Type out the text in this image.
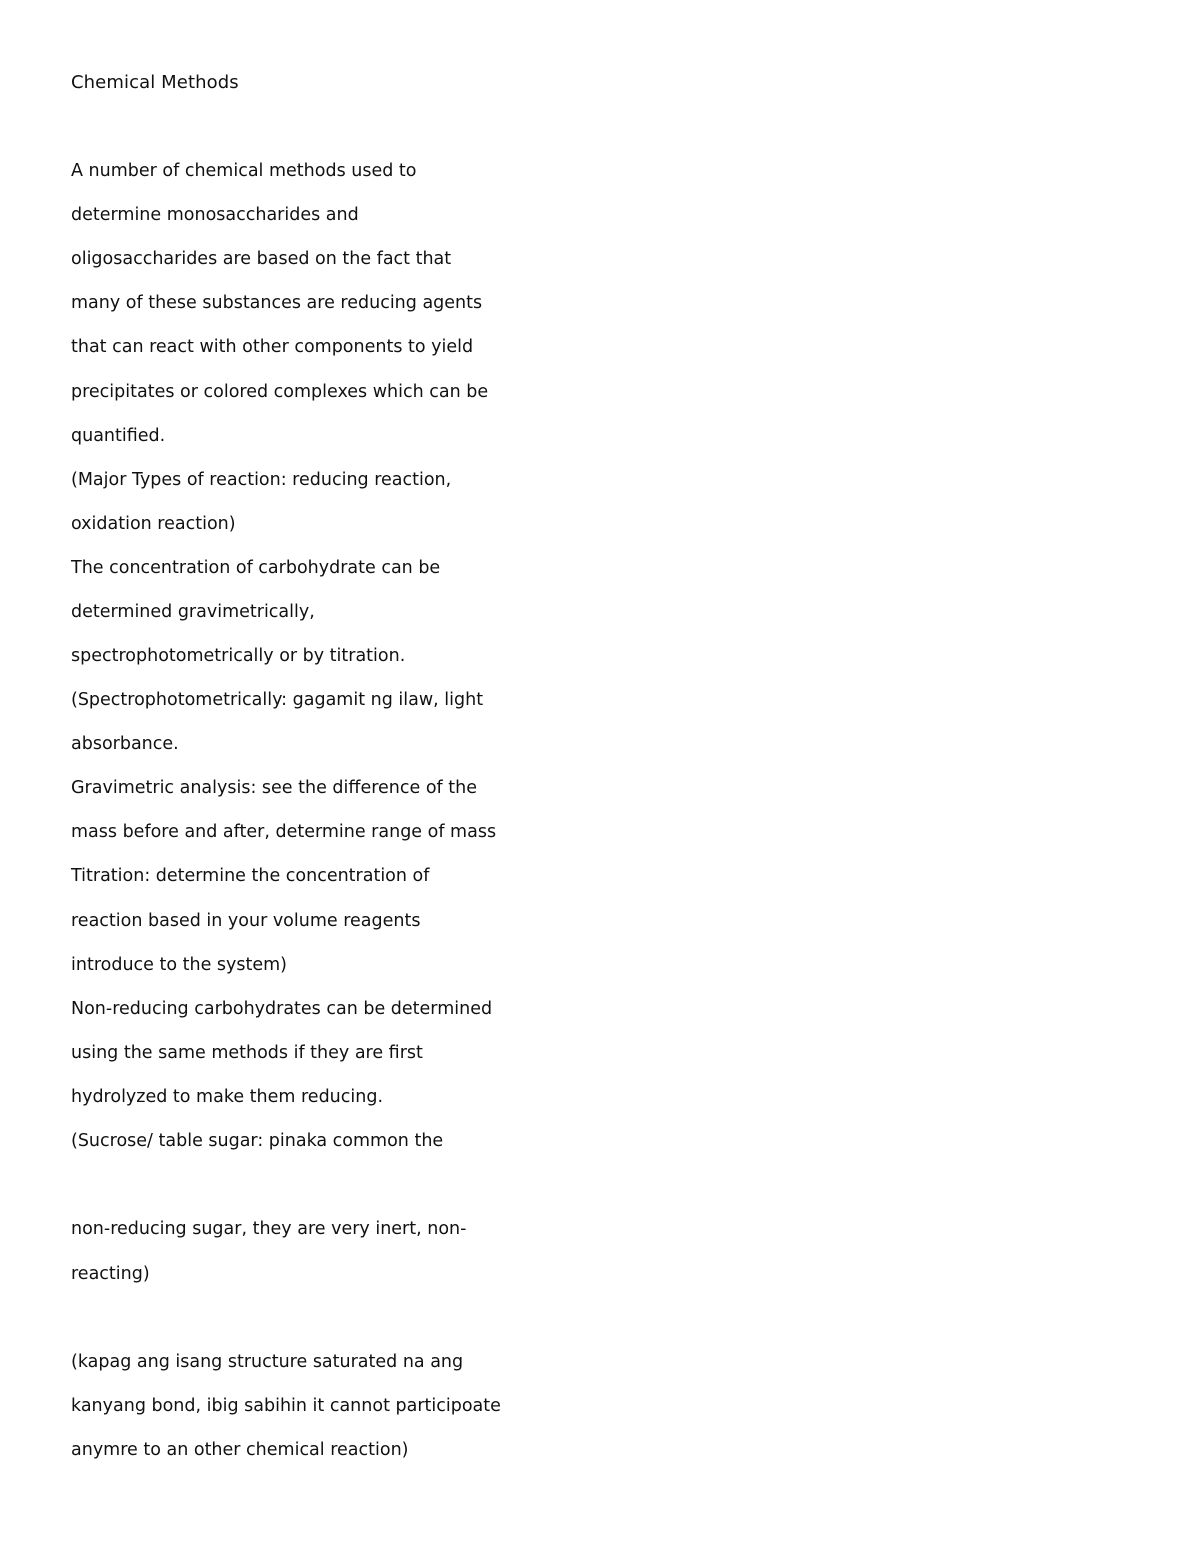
Chemical Methods
A number of chemical methods used to
determine monosaccharides and
oligosaccharides are based on the fact that
many of these substances are reducing agents
that can react with other components to yield
precipitates or colored complexes which can be
quantified.
(Major Types of reaction: reducing reaction,
oxidation reaction)
The concentration of carbohydrate can be
determined gravimetrically,
spectrophotometrically or by titration.
(Spectrophotometrically: gagamit ng ilaw, light
absorbance.
Gravimetric analysis: see the difference of the
mass before and after, determine range of mass
Titration: determine the concentration of
reaction based in your volume reagents
introduce to the system)
Non-reducing carbohydrates can be determined
using the same methods if they are first
hydrolyzed to make them reducing.
(Sucrose/ table sugar: pinaka common the
non-reducing sugar, they are very inert, non-
reacting)
(kapag ang isang structure saturated na ang
kanyang bond, ibig sabihin it cannot participoate
anymre to an other chemical reaction)
